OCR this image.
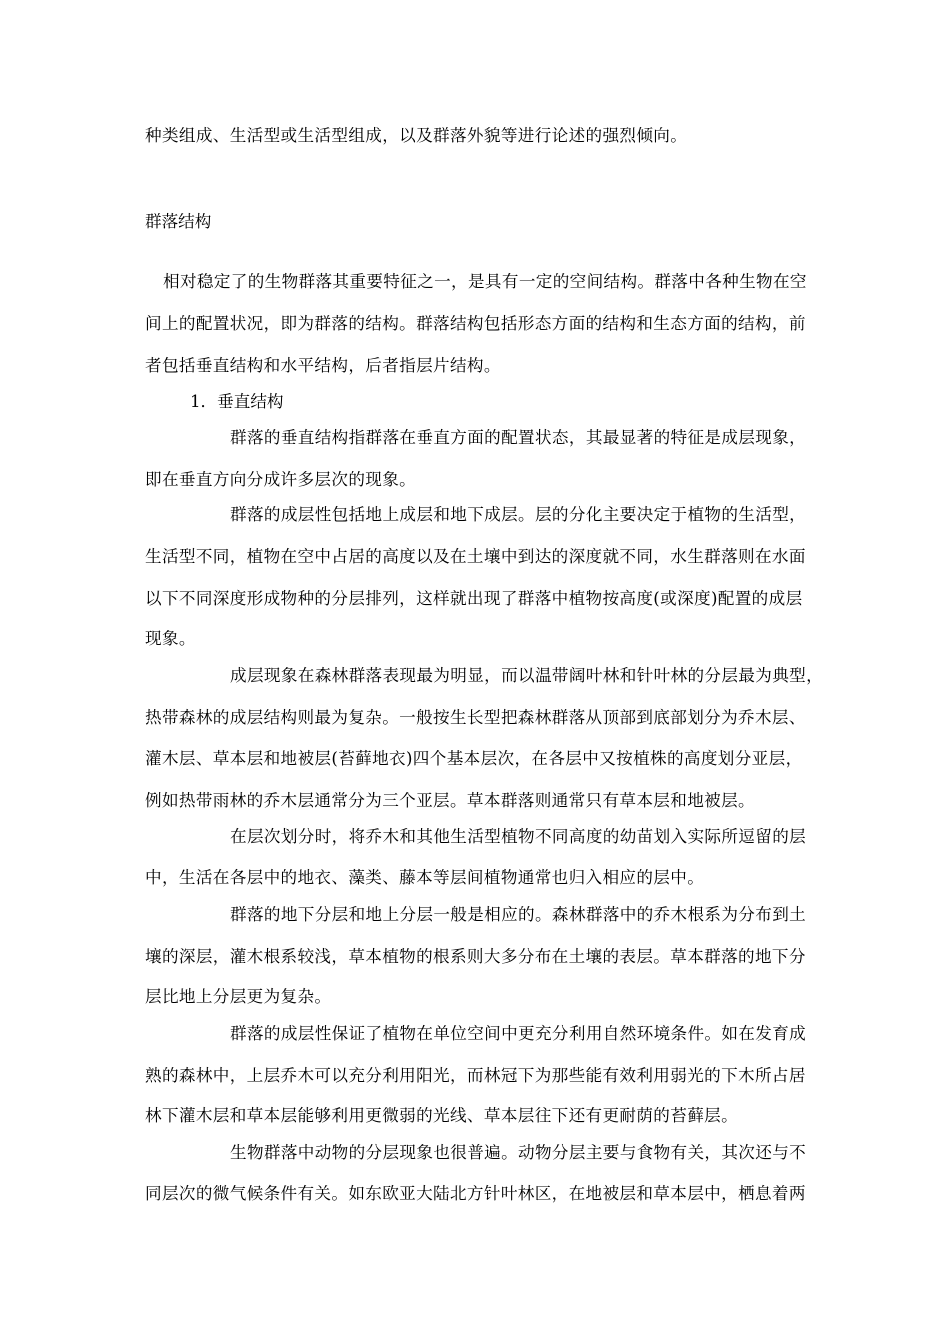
种类组成、生活型或生活型组成，以及群落外貌等进行论述的强烈倾向。
群落结构
相对稳定了的生物群落其重要特征之一，是具有一定的空间结构。群落中各种生物在空
间上的配置状况，即为群落的结构。群落结构包括形态方面的结构和生态方面的结构，前
者包括垂直结构和水平结构，后者指层片结构。
1．垂直结构
群落的垂直结构指群落在垂直方面的配置状态，其最显著的特征是成层现象，
即在垂直方向分成许多层次的现象。
群落的成层性包括地上成层和地下成层。层的分化主要决定于植物的生活型，
生活型不同，植物在空中占居的高度以及在土壤中到达的深度就不同，水生群落则在水面
以下不同深度形成物种的分层排列，这样就出现了群落中植物按高度(或深度)配置的成层
现象。
成层现象在森林群落表现最为明显，而以温带阔叶林和针叶林的分层最为典型，
热带森林的成层结构则最为复杂。一般按生长型把森林群落从顶部到底部划分为乔木层、
灌木层、草本层和地被层(苔藓地衣)四个基本层次，在各层中又按植株的高度划分亚层，
例如热带雨林的乔木层通常分为三个亚层。草本群落则通常只有草本层和地被层。
在层次划分时，将乔木和其他生活型植物不同高度的幼苗划入实际所逗留的层
中，生活在各层中的地衣、藻类、藤本等层间植物通常也归入相应的层中。
群落的地下分层和地上分层一般是相应的。森林群落中的乔木根系为分布到土
壤的深层，灌木根系较浅，草本植物的根系则大多分布在土壤的表层。草本群落的地下分
层比地上分层更为复杂。
群落的成层性保证了植物在单位空间中更充分利用自然环境条件。如在发育成
熟的森林中，上层乔木可以充分利用阳光，而林冠下为那些能有效利用弱光的下木所占居
林下灌木层和草本层能够利用更微弱的光线、草本层往下还有更耐荫的苔藓层。
生物群落中动物的分层现象也很普遍。动物分层主要与食物有关，其次还与不
同层次的微气候条件有关。如东欧亚大陆北方针叶林区，在地被层和草本层中，栖息着两
